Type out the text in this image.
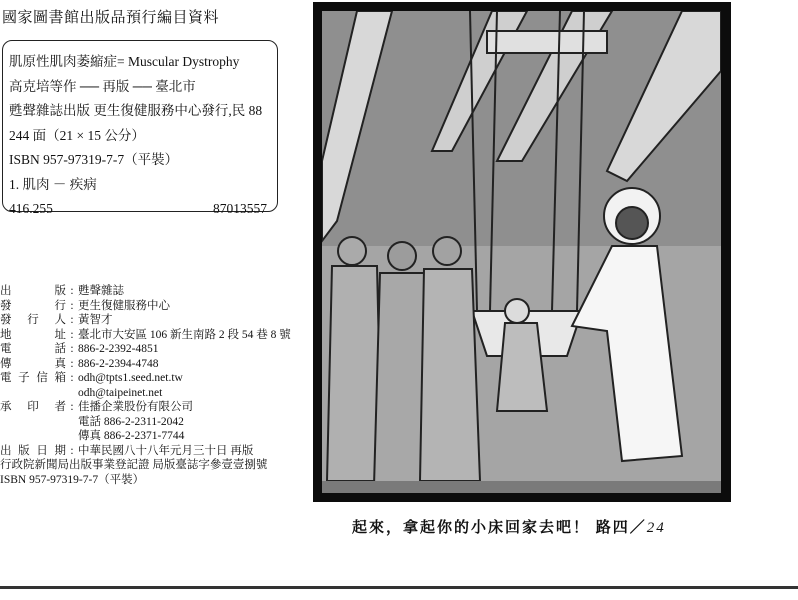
國家圖書館出版品預行編目資料
肌原性肌肉萎縮症= Muscular Dystrophy
高克培等作 ── 再版 ── 臺北市
甦聲雜誌出版 更生復健服務中心發行,民 88
244 面（21 × 15 公分）
ISBN 957-97319-7-7（平裝）
1. 肌肉 － 疾病
416.255	87013557
出版 : 甦聲雜誌
發行 : 更生復健服務中心
發行人 : 黃智才
地址 : 臺北市大安區 106 新生南路 2 段 54 巷 8 號
電話 : 886-2-2392-4851
傳真 : 886-2-2394-4748
電子信箱 : odh@tpts1.seed.net.tw
odh@taipeinet.net
承印者 : 佳播企業股份有限公司
電話 886-2-2311-2042
傳真 886-2-2371-7744
出版日期 : 中華民國八十八年元月三十日 再版
行政院新聞局出版事業登記證 局版臺誌字參壹壹捌號
ISBN 957-97319-7-7（平裝）
起來，拿起你的小床回家去吧！ 路四／24
